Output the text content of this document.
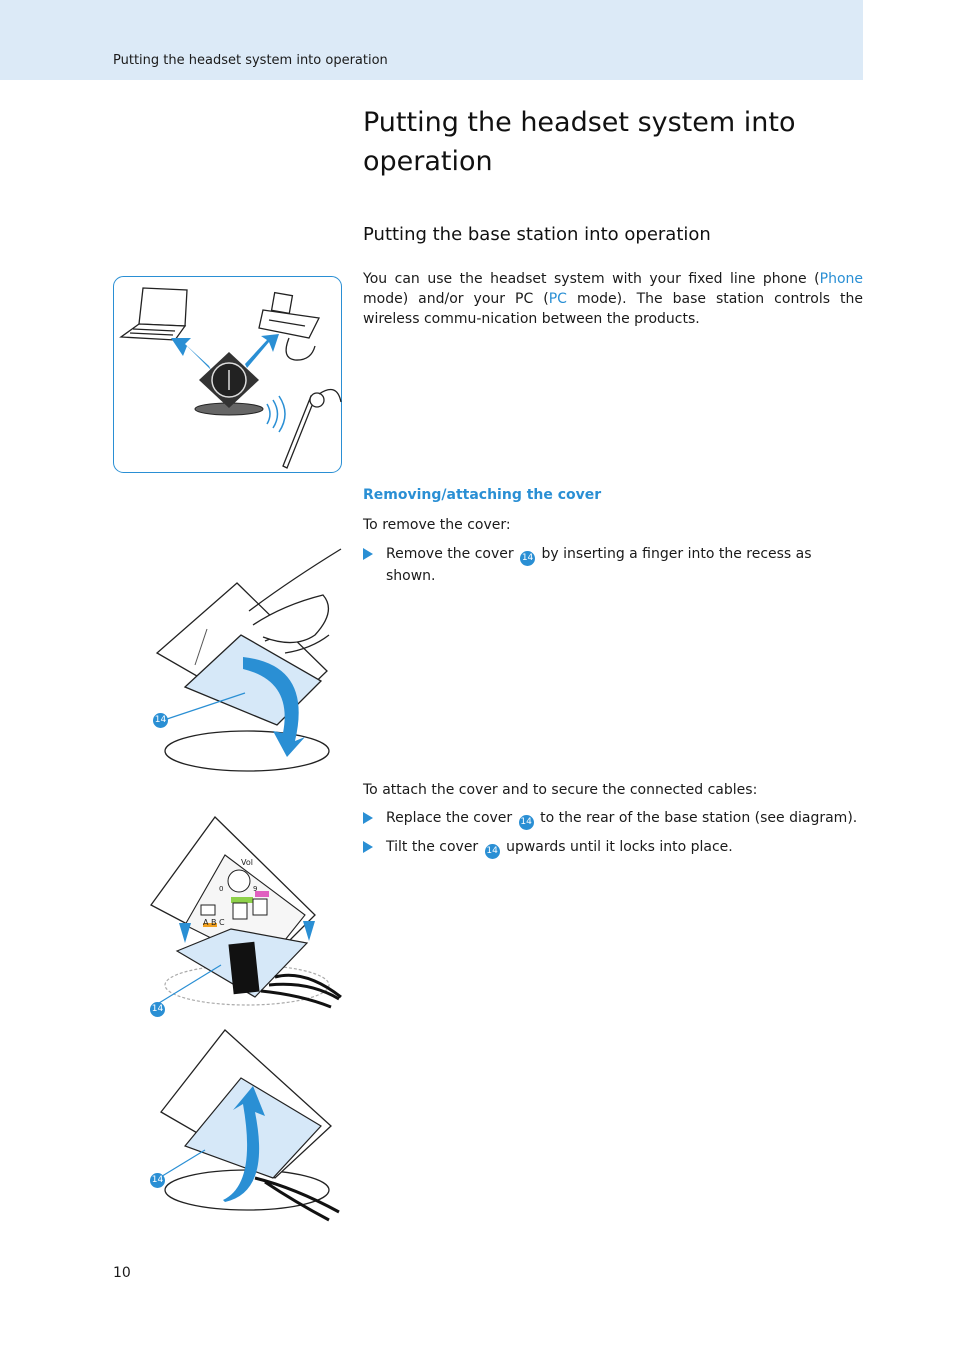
Putting the headset system into operation
Putting the headset system into operation
Putting the base station into operation

You can use the headset system with your fixed line phone (Phone mode) and/or your PC (PC mode). The base station controls the wireless commu-nication between the products.

Removing/attaching the cover

To remove the cover:

Remove the cover 14 by inserting a finger into the recess as shown.
14

To attach the cover and to secure the connected cables:

Replace the cover 14 to the rear of the base station (see diagram).
Tilt the cover 14 upwards until it locks into place.
A B C
Vol
0	9
14
14
10
